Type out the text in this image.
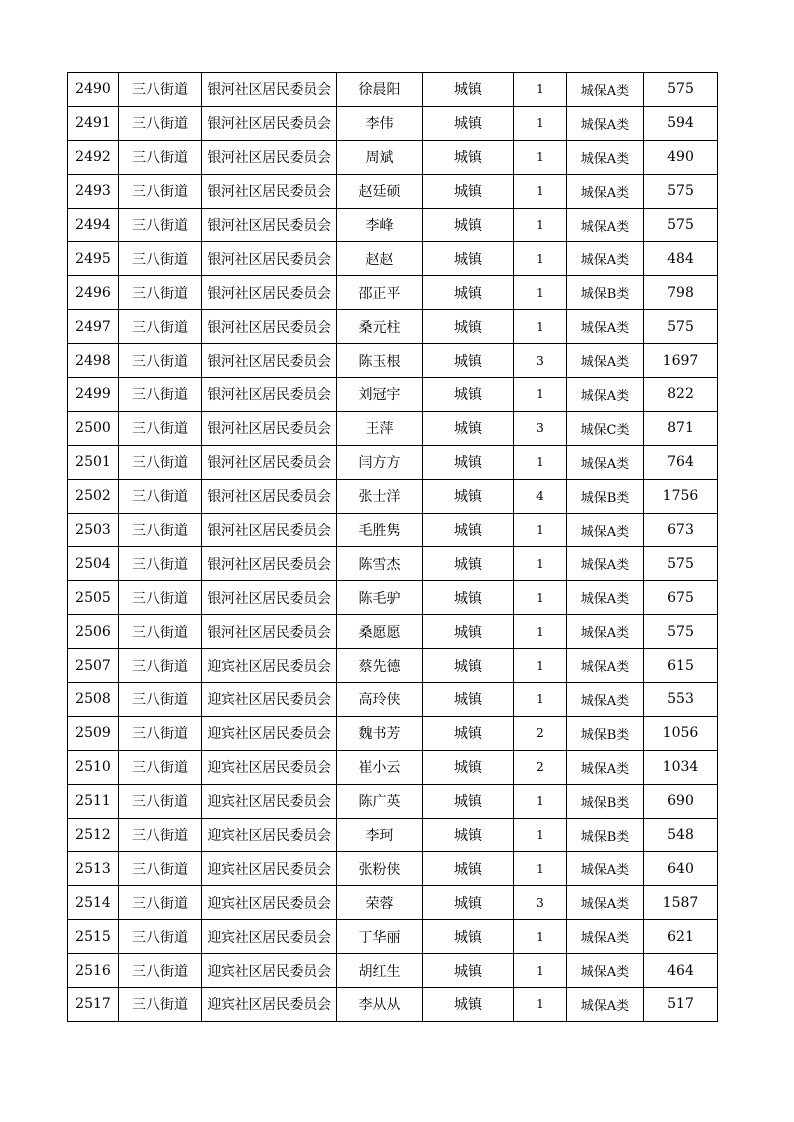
2490	三八街道	银河社区居民委员会	徐晨阳	城镇	1	城保A类	575
2491	三八街道	银河社区居民委员会	李伟	城镇	1	城保A类	594
2492	三八街道	银河社区居民委员会	周斌	城镇	1	城保A类	490
2493	三八街道	银河社区居民委员会	赵廷硕	城镇	1	城保A类	575
2494	三八街道	银河社区居民委员会	李峰	城镇	1	城保A类	575
2495	三八街道	银河社区居民委员会	赵赵	城镇	1	城保A类	484
2496	三八街道	银河社区居民委员会	邵正平	城镇	1	城保B类	798
2497	三八街道	银河社区居民委员会	桑元柱	城镇	1	城保A类	575
2498	三八街道	银河社区居民委员会	陈玉根	城镇	3	城保A类	1697
2499	三八街道	银河社区居民委员会	刘冠宇	城镇	1	城保A类	822
2500	三八街道	银河社区居民委员会	王萍	城镇	3	城保C类	871
2501	三八街道	银河社区居民委员会	闫方方	城镇	1	城保A类	764
2502	三八街道	银河社区居民委员会	张士洋	城镇	4	城保B类	1756
2503	三八街道	银河社区居民委员会	毛胜隽	城镇	1	城保A类	673
2504	三八街道	银河社区居民委员会	陈雪杰	城镇	1	城保A类	575
2505	三八街道	银河社区居民委员会	陈毛驴	城镇	1	城保A类	675
2506	三八街道	银河社区居民委员会	桑愿愿	城镇	1	城保A类	575
2507	三八街道	迎宾社区居民委员会	蔡先德	城镇	1	城保A类	615
2508	三八街道	迎宾社区居民委员会	高玲侠	城镇	1	城保A类	553
2509	三八街道	迎宾社区居民委员会	魏书芳	城镇	2	城保B类	1056
2510	三八街道	迎宾社区居民委员会	崔小云	城镇	2	城保A类	1034
2511	三八街道	迎宾社区居民委员会	陈广英	城镇	1	城保B类	690
2512	三八街道	迎宾社区居民委员会	李珂	城镇	1	城保B类	548
2513	三八街道	迎宾社区居民委员会	张粉侠	城镇	1	城保A类	640
2514	三八街道	迎宾社区居民委员会	荣蓉	城镇	3	城保A类	1587
2515	三八街道	迎宾社区居民委员会	丁华丽	城镇	1	城保A类	621
2516	三八街道	迎宾社区居民委员会	胡红生	城镇	1	城保A类	464
2517	三八街道	迎宾社区居民委员会	李从从	城镇	1	城保A类	517
